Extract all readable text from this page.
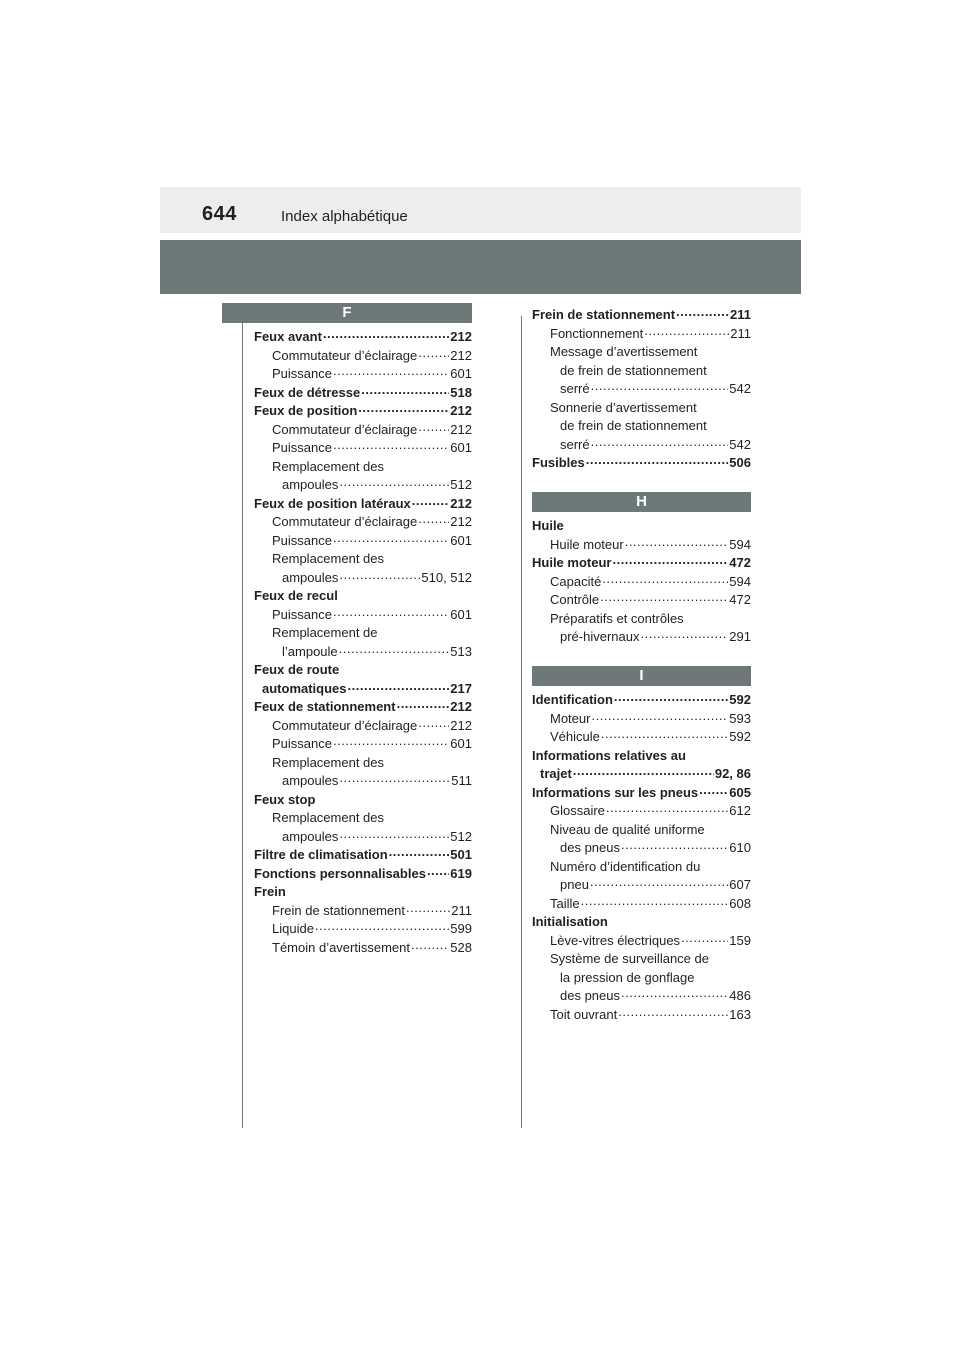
644	Index alphabétique
F
Feux avant .....	212
Commutateur d’éclairage .....	212
Puissance .....	601
Feux de détresse .....	518
Feux de position .....	212
Commutateur d’éclairage .....	212
Puissance .....	601
Remplacement des
ampoules .....	512
Feux de position latéraux .....	212
Commutateur d’éclairage .....	212
Puissance .....	601
Remplacement des
ampoules .....	510, 512
Feux de recul
Puissance .....	601
Remplacement de
l’ampoule .....	513
Feux de route
automatiques .....	217
Feux de stationnement .....	212
Commutateur d’éclairage .....	212
Puissance .....	601
Remplacement des
ampoules .....	511
Feux stop
Remplacement des
ampoules .....	512
Filtre de climatisation .....	501
Fonctions personnalisables ..... 619
Frein
Frein de stationnement .....	211
Liquide .....	599
Témoin d’avertissement .....	528
Frein de stationnement .....	211
Fonctionnement .....	211
Message d’avertissement
de frein de stationnement
serré .....	542
Sonnerie d’avertissement
de frein de stationnement
serré .....	542
Fusibles .....	506
H
Huile
Huile moteur .....	594
Huile moteur .....	472
Capacité .....	594
Contrôle .....	472
Préparatifs et contrôles
pré-hivernaux .....	291
I
Identification .....	592
Moteur .....	593
Véhicule .....	592
Informations relatives au
trajet .....	92, 86
Informations sur les pneus ..... 605
Glossaire .....	612
Niveau de qualité uniforme
des pneus .....	610
Numéro d’identification du
pneu .....	607
Taille .....	608
Initialisation
Lève-vitres électriques .....	159
Système de surveillance de
la pression de gonflage
des pneus .....	486
Toit ouvrant .....	163
